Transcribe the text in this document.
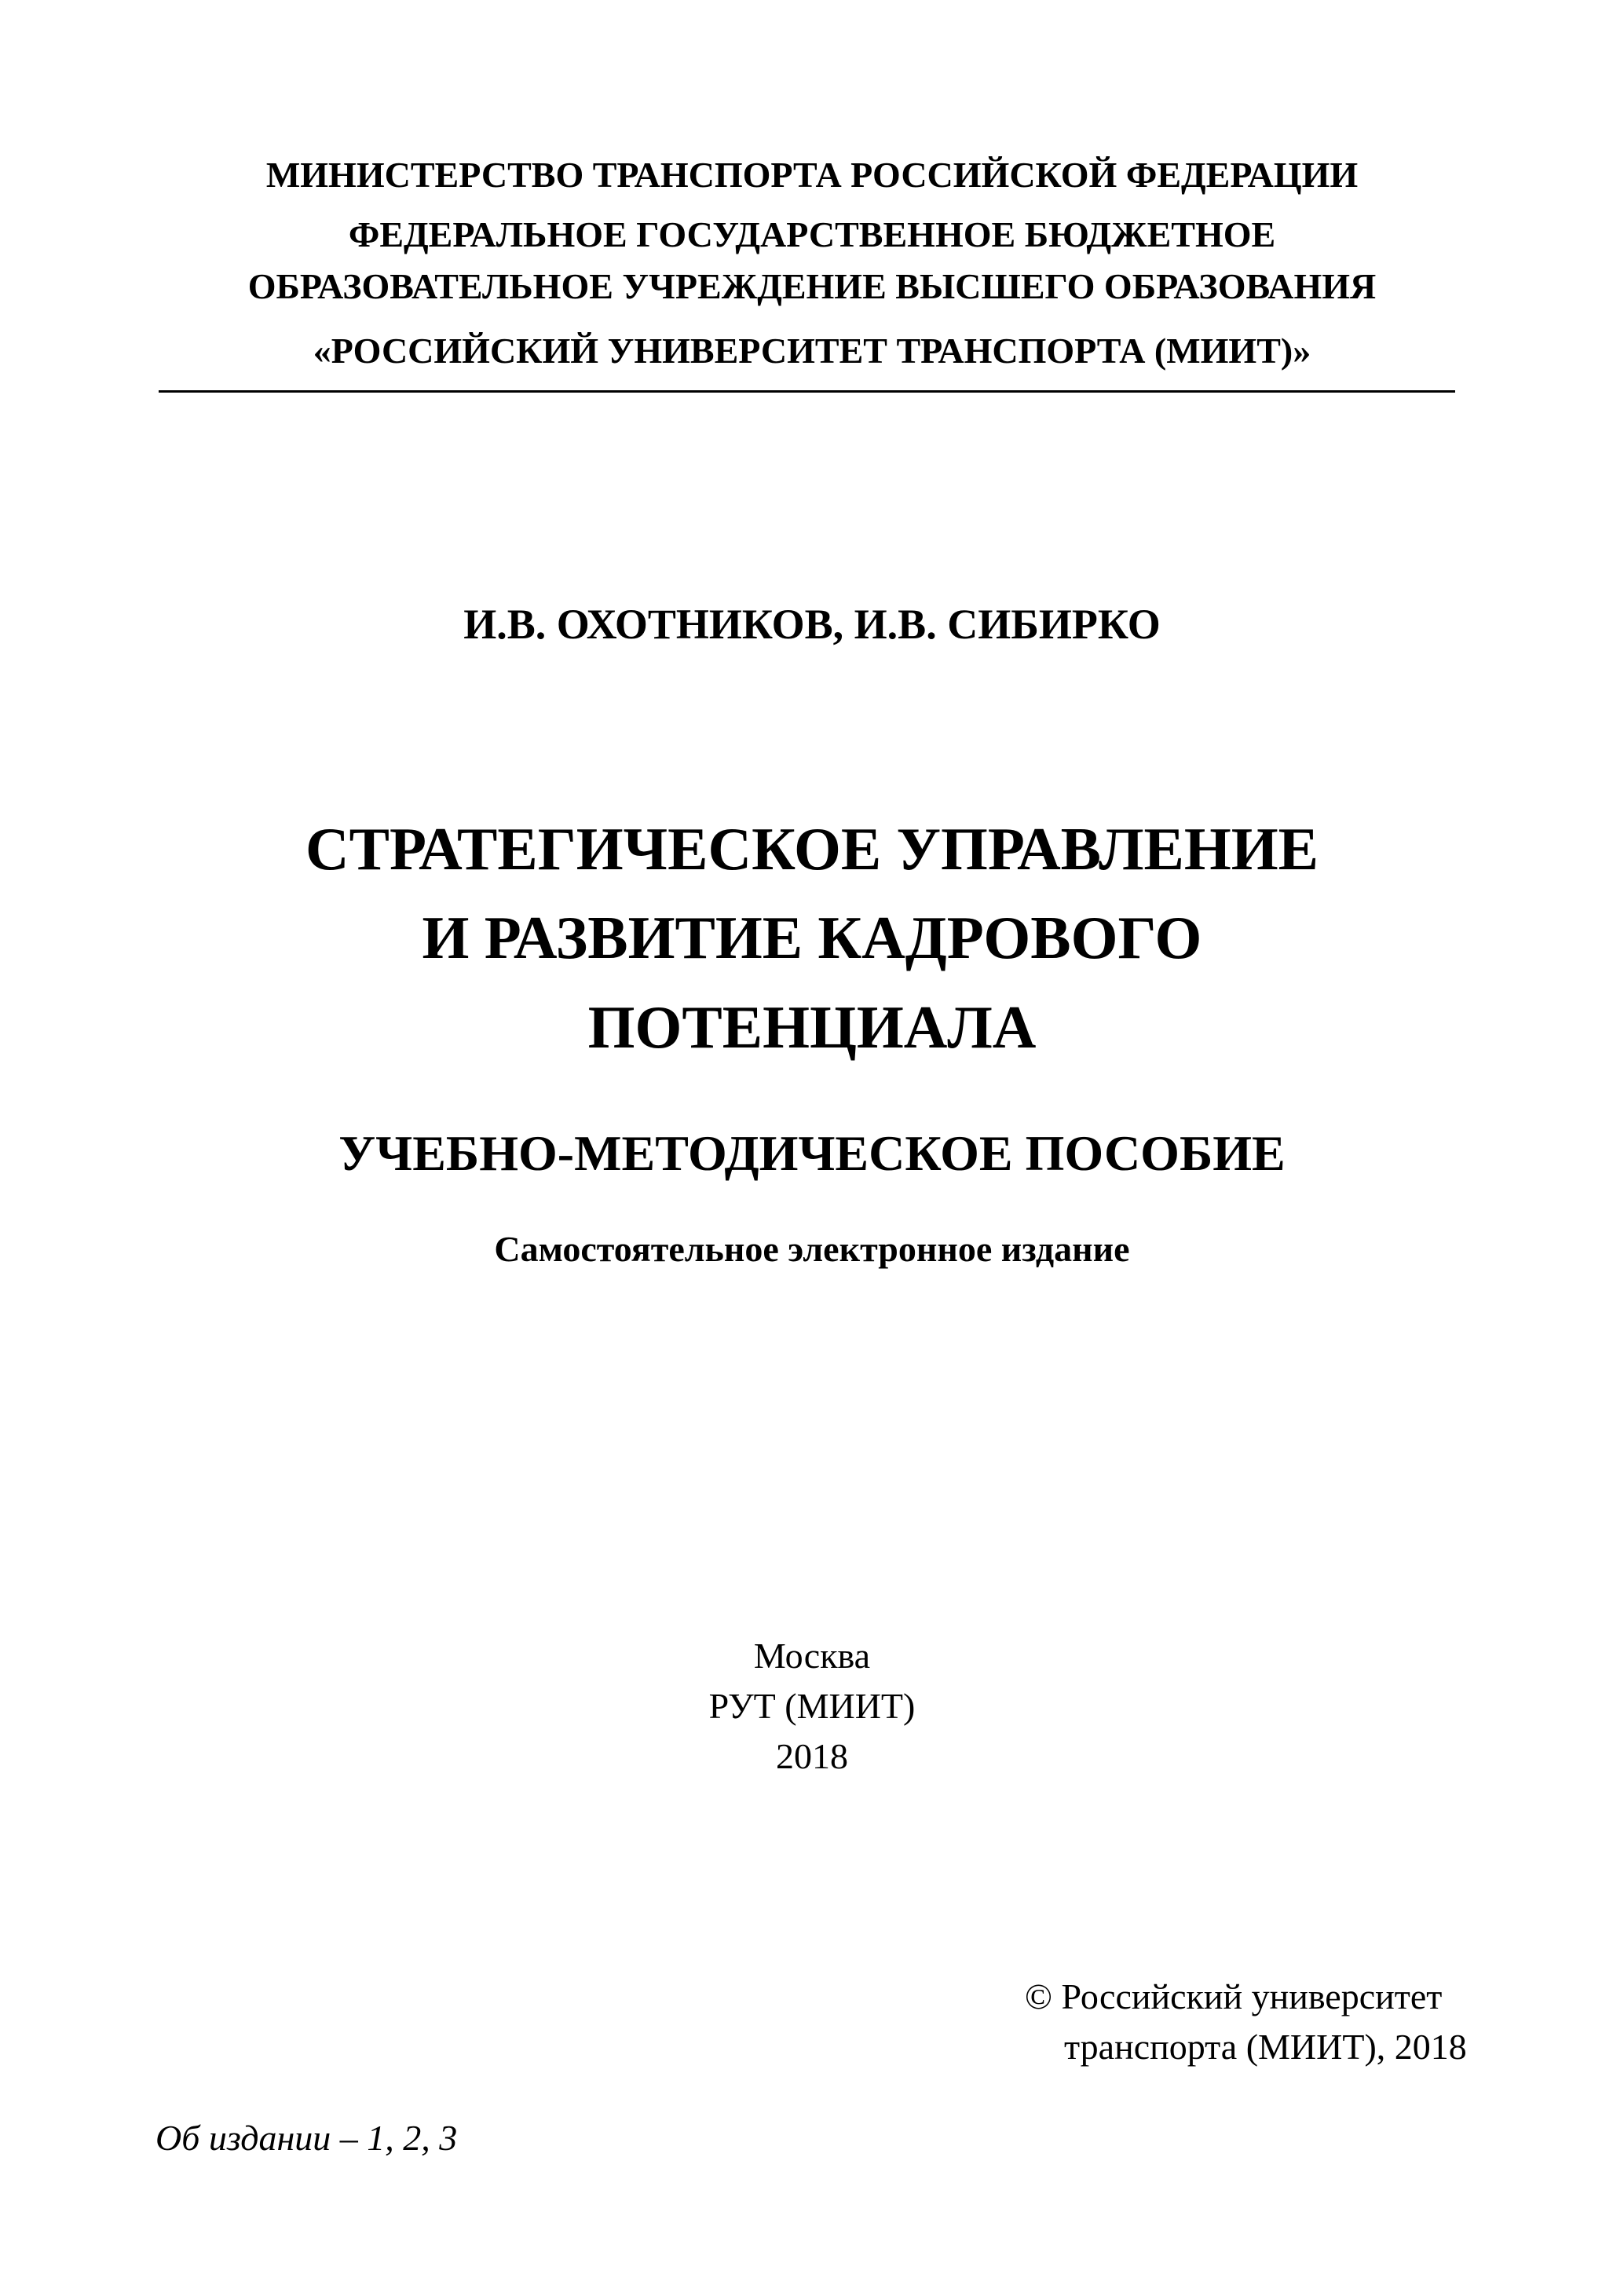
МИНИСТЕРСТВО ТРАНСПОРТА РОССИЙСКОЙ ФЕДЕРАЦИИ
ФЕДЕРАЛЬНОЕ ГОСУДАРСТВЕННОЕ БЮДЖЕТНОЕ
ОБРАЗОВАТЕЛЬНОЕ УЧРЕЖДЕНИЕ ВЫСШЕГО ОБРАЗОВАНИЯ
«РОССИЙСКИЙ УНИВЕРСИТЕТ ТРАНСПОРТА (МИИТ)»
И.В. ОХОТНИКОВ, И.В. СИБИРКО
СТРАТЕГИЧЕСКОЕ УПРАВЛЕНИЕ
И РАЗВИТИЕ КАДРОВОГО
ПОТЕНЦИАЛА
УЧЕБНО-МЕТОДИЧЕСКОЕ ПОСОБИЕ
Самостоятельное электронное издание
Москва
РУТ (МИИТ)
2018
© Российский университет
транспорта (МИИТ), 2018
Об издании – 1, 2, 3
